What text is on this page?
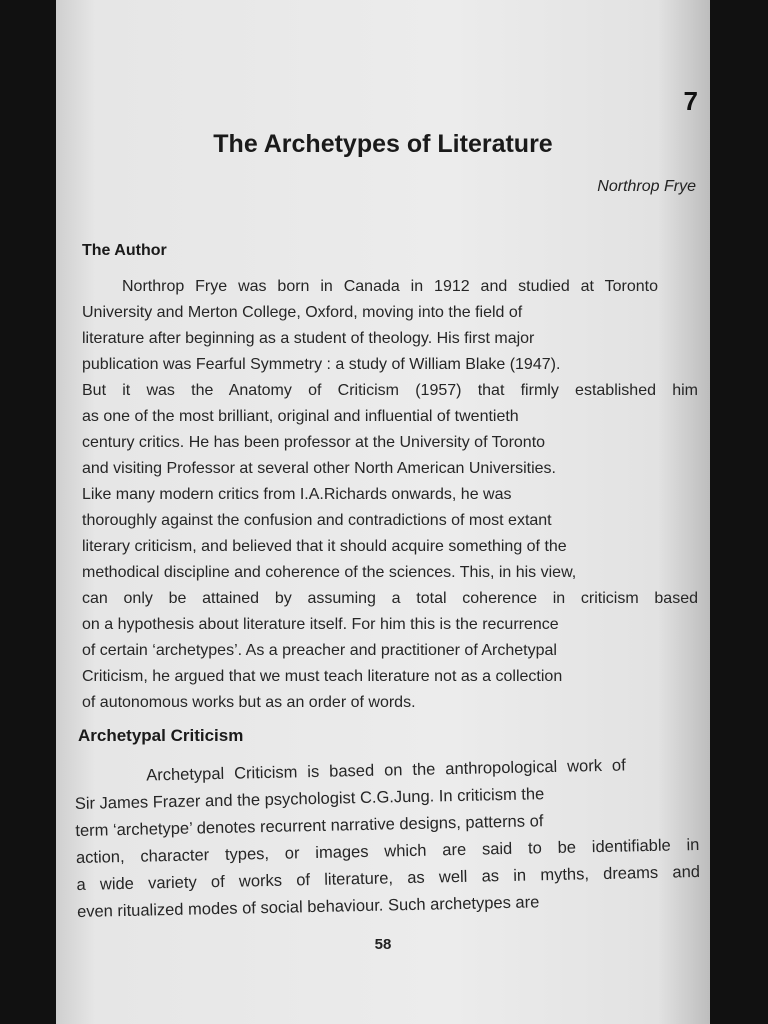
7
The Archetypes of Literature
Northrop Frye
The Author
Northrop Frye was born in Canada in 1912 and studied at Toronto
University and Merton College, Oxford, moving into the field of
literature after beginning as a student of theology. His first major
publication was Fearful Symmetry : a study of William Blake (1947).
But it was the Anatomy of Criticism (1957) that firmly established him
as one of the most brilliant, original and influential of twentieth
century critics. He has been professor at the University of Toronto
and visiting Professor at several other North American Universities.
Like many modern critics from I.A.Richards onwards, he was
thoroughly against the confusion and contradictions of most extant
literary criticism, and believed that it should acquire something of the
methodical discipline and coherence of the sciences. This, in his view,
can only be attained by assuming a total coherence in criticism based
on a hypothesis about literature itself. For him this is the recurrence
of certain ‘archetypes’. As a preacher and practitioner of Archetypal
Criticism, he argued that we must teach literature not as a collection
of autonomous works but as an order of words.
Archetypal Criticism
Archetypal Criticism is based on the anthropological work of
Sir James Frazer and the psychologist C.G.Jung. In criticism the
term ‘archetype’ denotes recurrent narrative designs, patterns of
action, character types, or images which are said to be identifiable in
a wide variety of works of literature, as well as in myths, dreams and
even ritualized modes of social behaviour. Such archetypes are
58
